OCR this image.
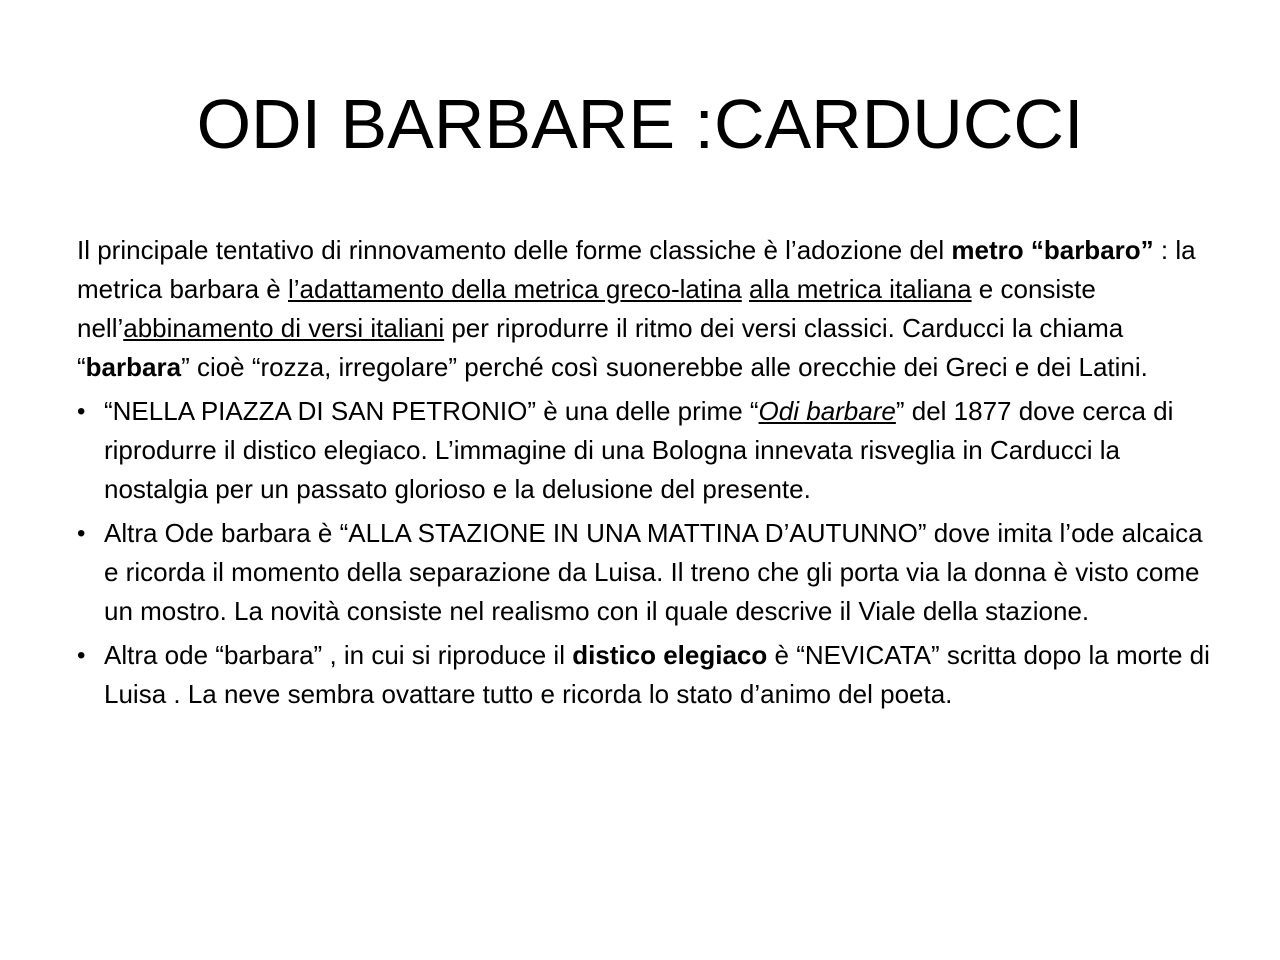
ODI BARBARE :CARDUCCI

Il principale tentativo di rinnovamento delle forme classiche è l’adozione del metro “barbaro” : la metrica barbara è l’adattamento della metrica greco-latina alla metrica italiana e consiste nell’abbinamento di versi italiani per riprodurre il ritmo dei versi classici. Carducci la chiama “barbara” cioè “rozza, irregolare” perché così suonerebbe alle orecchie dei Greci e dei Latini.

• “NELLA PIAZZA DI SAN PETRONIO” è una delle prime “Odi barbare” del 1877 dove cerca di riprodurre il distico elegiaco. L’immagine di una Bologna innevata risveglia in Carducci la nostalgia per un passato glorioso e la delusione del presente.
• Altra Ode barbara è “ALLA STAZIONE IN UNA MATTINA D’AUTUNNO” dove imita l’ode alcaica e ricorda il momento della separazione da Luisa. Il treno che gli porta via la donna è visto come un mostro. La novità consiste nel realismo con il quale descrive il Viale della stazione.
• Altra ode “barbara” , in cui si riproduce il distico elegiaco è “NEVICATA” scritta dopo la morte di Luisa . La neve sembra ovattare tutto e ricorda lo stato d’animo del poeta.
